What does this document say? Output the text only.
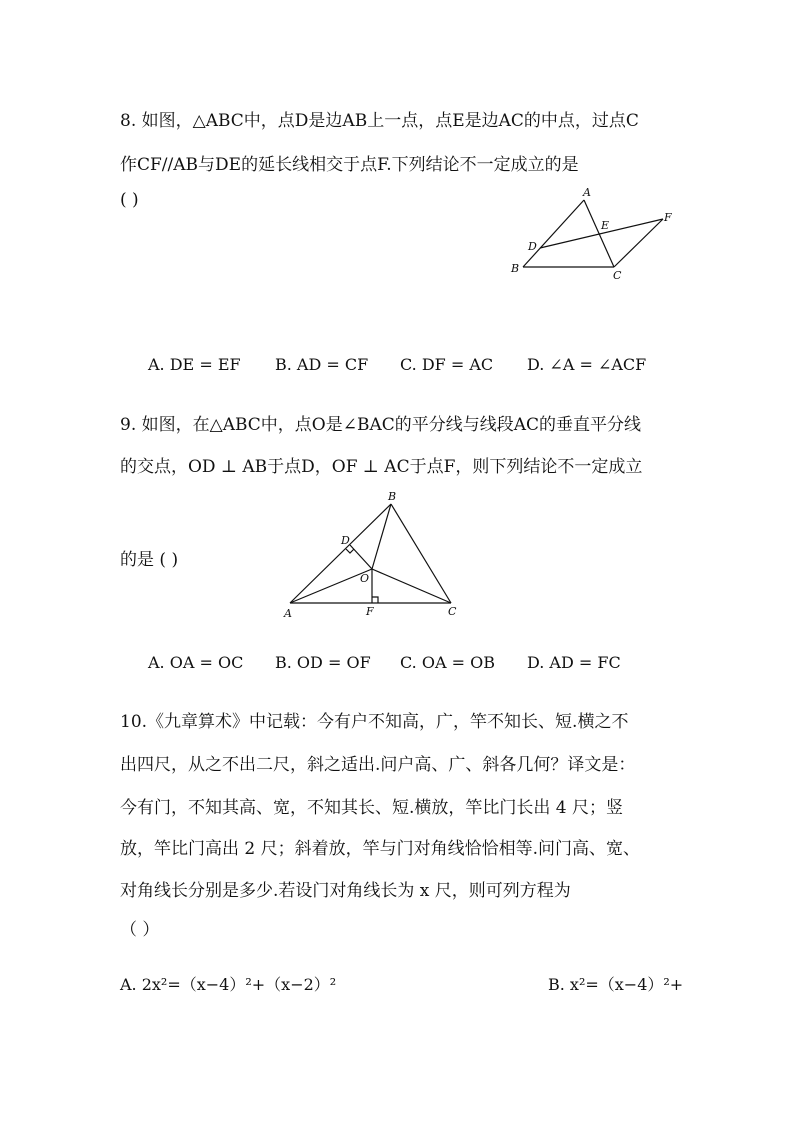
8. 如图，△ABC中，点D是边AB上一点，点E是边AC的中点，过点C
作CF//AB与DE的延长线相交于点F.下列结论不一定成立的是
( )	A
B
C
D
E
F
A. DE = EF B. AD = CF C. DF = AC D. ∠A = ∠ACF
9. 如图，在△ABC中，点O是∠BAC的平分线与线段AC的垂直平分线
的交点，OD ⊥ AB于点D，OF ⊥ AC于点F，则下列结论不一定成立
的是 ( )
A
B
C
D
O
F
A. OA = OC B. OD = OF C. OA = OB D. AD = FC
10.《九章算术》中记载：今有户不知高，广，竿不知长、短.横之不
出四尺，从之不出二尺，斜之适出.问户高、广、斜各几何？译文是：
今有门，不知其高、宽，不知其长、短.横放，竿比门长出 4 尺；竖
放，竿比门高出 2 尺；斜着放，竿与门对角线恰恰相等.问门高、宽、
对角线长分别是多少.若设门对角线长为 x 尺，则可列方程为
（ ）
A. 2x²=（x−4）²+（x−2）²	B. x²=（x−4）²+
